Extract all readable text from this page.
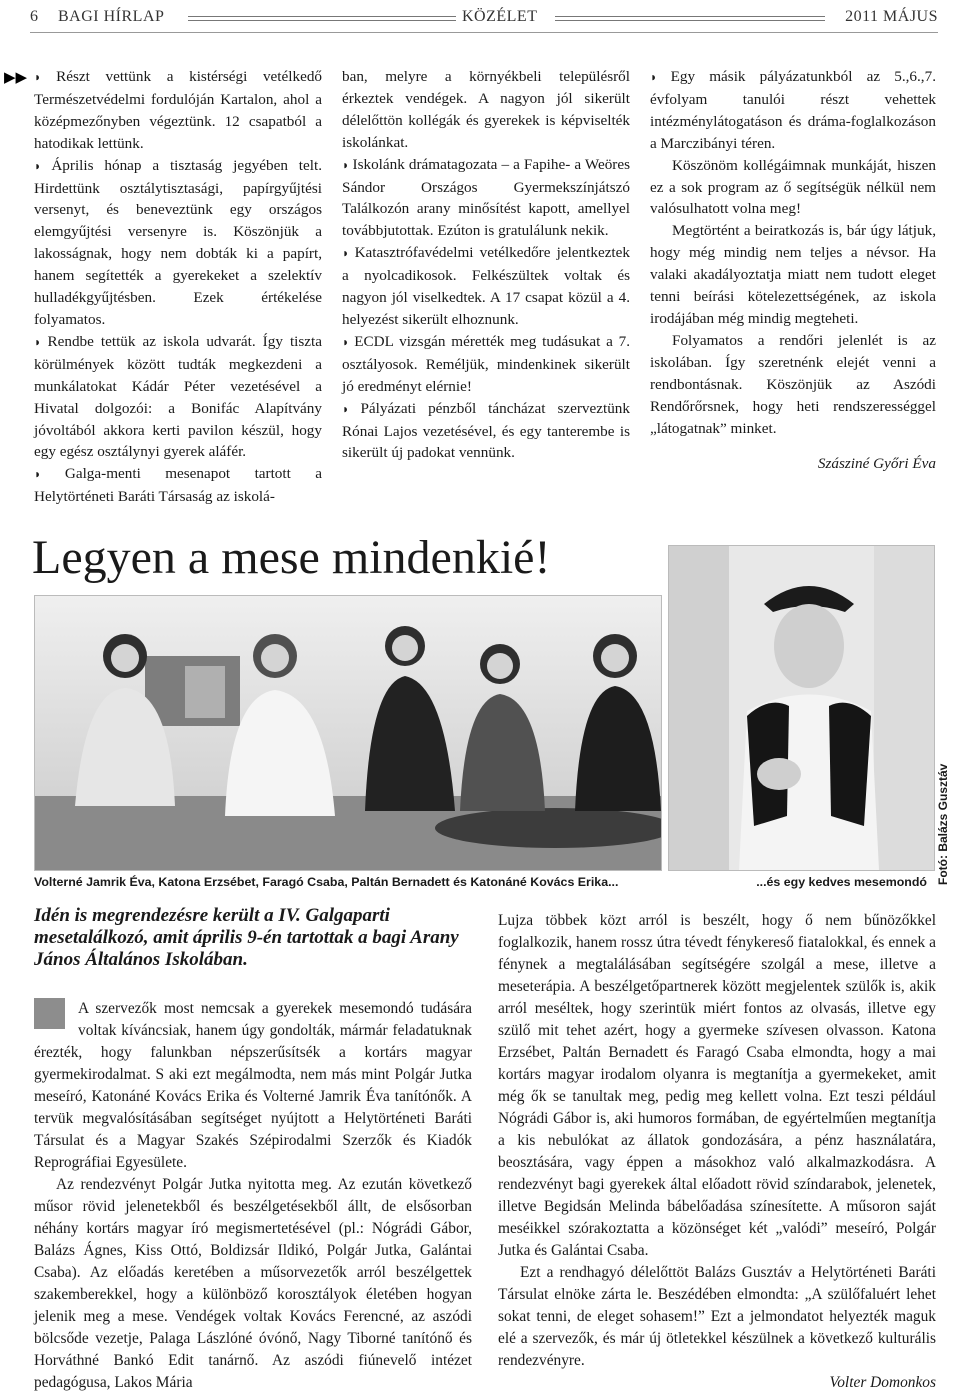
6 BAGI HÍRLAP	KÖZÉLET	2011 MÁJUS
▶▶ ◗ Részt vettünk a kistérségi vetélkedő Természetvédelmi fordulóján Kartalon, ahol a középmezőnyben végeztünk. 12 csapatból a hatodikak lettünk.

◗ Április hónap a tisztaság jegyében telt. Hirdettünk osztálytisztasági, papírgyűjtési versenyt, és beneveztünk egy országos elemgyűjtési versenyre is. Köszönjük a lakosságnak, hogy nem dobták ki a papírt, hanem segítették a gyerekeket a szelektív hulladékgyűjtésben. Ezek értékelése folyamatos.

◗ Rendbe tettük az iskola udvarát. Így tiszta körülmények között tudták megkezdeni a munkálatokat Kádár Péter vezetésével a Hivatal dolgozói: a Bonifác Alapítvány jóvoltából akkora kerti pavilon készül, hogy egy egész osztálynyi gyerek aláfér.

◗ Galga-menti mesenapot tartott a Helytörténeti Baráti Társaság az iskolá-

ban, melyre a környékbeli településről érkeztek vendégek. A nagyon jól sikerült délelőttön kollégák és gyerekek is képviselték iskolánkat.

◗ Iskolánk drámatagozata – a Fapihe- a Weöres Sándor Országos Gyermekszínjátszó Találkozón arany minősítést kapott, amellyel továbbjutottak. Ezúton is gratulálunk nekik.

◗ Katasztrófavédelmi vetélkedőre jelentkeztek a nyolcadikosok. Felkészültek voltak és nagyon jól viselkedtek. A 17 csapat közül a 4. helyezést sikerült elhoznunk.

◗ ECDL vizsgán mérették meg tudásukat a 7. osztályosok. Reméljük, mindenkinek sikerült jó eredményt elérnie!

◗ Pályázati pénzből táncházat szerveztünk Rónai Lajos vezetésével, és egy tanterembe is sikerült új padokat vennünk.

◗ Egy másik pályázatunkból az 5.,6.,7. évfolyam tanulói részt vehettek intézménylátogatáson és dráma-foglalkozáson a Marczibányi téren.

Köszönöm kollégáimnak munkáját, hiszen ez a sok program az ő segítségük nélkül nem valósulhatott volna meg!

Megtörtént a beiratkozás is, bár úgy látjuk, hogy még mindig nem teljes a névsor. Ha valaki akadályoztatja miatt nem tudott eleget tenni beírási kötelezettségének, az iskola irodájában még mindig megteheti.

Folyamatos a rendőri jelenlét is az iskolában. Így szeretnénk elejét venni a rendbontásnak. Köszönjük az Aszódi Rendőrőrsnek, hogy heti rendszerességgel „látogatnak” minket.

Szásziné Győri Éva

Legyen a mese mindenkié!
Fotó: Balázs Gusztáv
Volterné Jamrik Éva, Katona Erzsébet, Faragó Csaba, Paltán Bernadett és Katonáné Kovács Erika...	...és egy kedves mesemondó

Idén is megrendezésre került a IV. Galgaparti mesetalálkozó, amit április 9-én tartottak a bagi Arany János Általános Iskolában.

A szervezők most nemcsak a gyerekek mesemondó tudására voltak kíváncsiak, hanem úgy gondolták, mármár feladatuknak érezték, hogy falunkban népszerűsítsék a kortárs magyar gyermekirodalmat. S aki ezt megálmodta, nem más mint Polgár Jutka meseíró, Katonáné Kovács Erika és Volterné Jamrik Éva tanítónők. A tervük megvalósításában segítséget nyújtott a Helytörténeti Baráti Társulat és a Magyar Szakés Szépirodalmi Szerzők és Kiadók Reprográfiai Egyesülete.

Az rendezvényt Polgár Jutka nyitotta meg. Az ezután következő műsor rövid jelenetekből és beszélgetésekből állt, de elsősorban néhány kortárs magyar író megismertetésével (pl.: Nógrádi Gábor, Balázs Ágnes, Kiss Ottó, Boldizsár Ildikó, Polgár Jutka, Galántai Csaba). Az előadás keretében a műsorvezetők arról beszélgettek szakemberekkel, hogy a különböző korosztályok életében hogyan jelenik meg a mese. Vendégek voltak Kovács Ferencné, az aszódi bölcsőde vezetje, Palaga Lászlóné óvónő, Nagy Tiborné tanítónő és Horváthné Bankó Edit tanárnő. Az aszódi fiúnevelő intézet pedagógusa, Lakos Mária

Lujza többek közt arról is beszélt, hogy ő nem bűnözőkkel foglalkozik, hanem rossz útra tévedt fénykereső fiatalokkal, és ennek a fénynek a megtalálásában segítségére szolgál a mese, illetve a meseterápia. A beszélgetőpartnerek között megjelentek szülők is, akik arról meséltek, hogy szerintük miért fontos az olvasás, illetve egy szülő mit tehet azért, hogy a gyermeke szívesen olvasson. Katona Erzsébet, Paltán Bernadett és Faragó Csaba elmondta, hogy a mai kortárs magyar irodalom olyanra is megtanítja a gyermekeket, amit még ők se tanultak meg, pedig meg kellett volna. Ezt teszi például Nógrádi Gábor is, aki humoros formában, de egyértelműen megtanítja a kis nebulókat az állatok gondozására, a pénz használatára, beosztására, vagy éppen a másokhoz való alkalmazkodásra. A rendezvényt bagi gyerekek által előadott rövid színdarabok, jelenetek, illetve Begidsán Melinda bábelőadása színesítette. A műsoron saját meséikkel szórakoztatta a közönséget két „valódi” meseíró, Polgár Jutka és Galántai Csaba.

Ezt a rendhagyó délelőttöt Balázs Gusztáv a Helytörténeti Baráti Társulat elnöke zárta le. Beszédében elmondta: „A szülőfaluért lehet sokat tenni, de eleget sohasem!” Ezt a jelmondatot helyezték maguk elé a szervezők, és már új ötletekkel készülnek a következő kulturális rendezvényre.

Volter Domonkos
